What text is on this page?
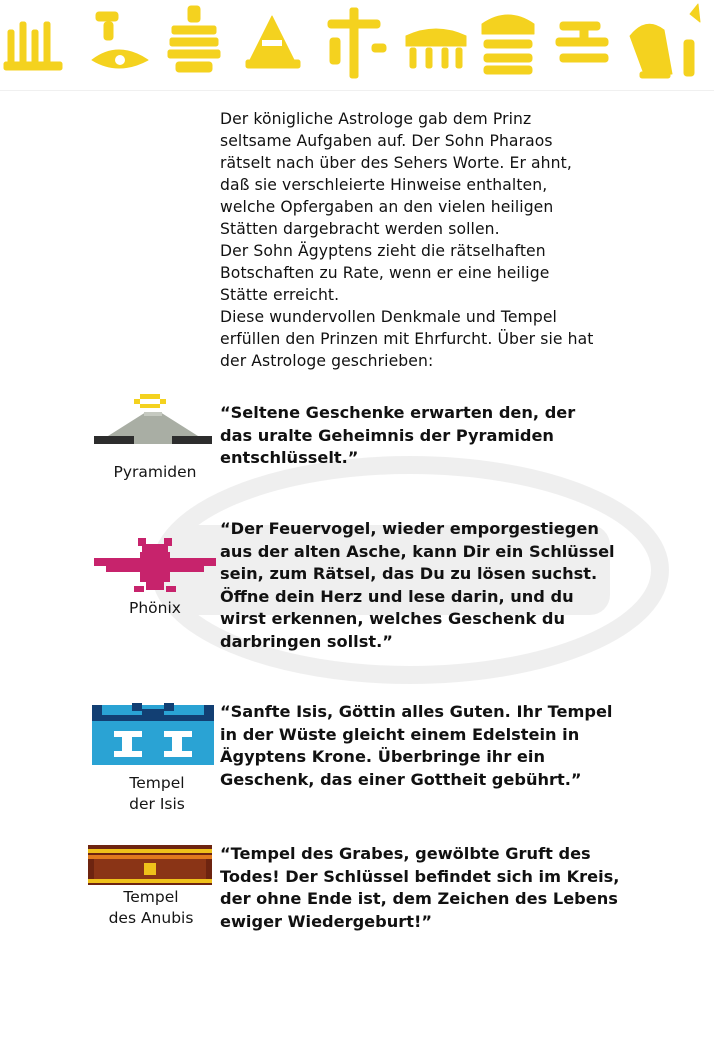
Der königliche Astrologe gab dem Prinz
seltsame Aufgaben auf. Der Sohn Pharaos
rätselt nach über des Sehers Worte. Er ahnt,
daß sie verschleierte Hinweise enthalten,
welche Opfergaben an den vielen heiligen
Stätten dargebracht werden sollen.

Der Sohn Ägyptens zieht die rätselhaften
Botschaften zu Rate, wenn er eine heilige
Stätte erreicht.

Diese wundervollen Denkmale und Tempel
erfüllen den Prinzen mit Ehrfurcht. Über sie hat
der Astrologe geschrieben:

Pyramiden
“Seltene Geschenke erwarten den, der
das uralte Geheimnis der Pyramiden
entschlüsselt.”
Phönix
“Der Feuervogel, wieder emporgestiegen
aus der alten Asche, kann Dir ein Schlüssel
sein, zum Rätsel, das Du zu lösen suchst.
Öffne dein Herz und lese darin, und du
wirst erkennen, welches Geschenk du
darbringen sollst.”
Tempel
der Isis
“Sanfte Isis, Göttin alles Guten. Ihr Tempel
in der Wüste gleicht einem Edelstein in
Ägyptens Krone. Überbringe ihr ein
Geschenk, das einer Gottheit gebührt.”
Tempel
des Anubis
“Tempel des Grabes, gewölbte Gruft des
Todes! Der Schlüssel befindet sich im Kreis,
der ohne Ende ist, dem Zeichen des Lebens
ewiger Wiedergeburt!”
